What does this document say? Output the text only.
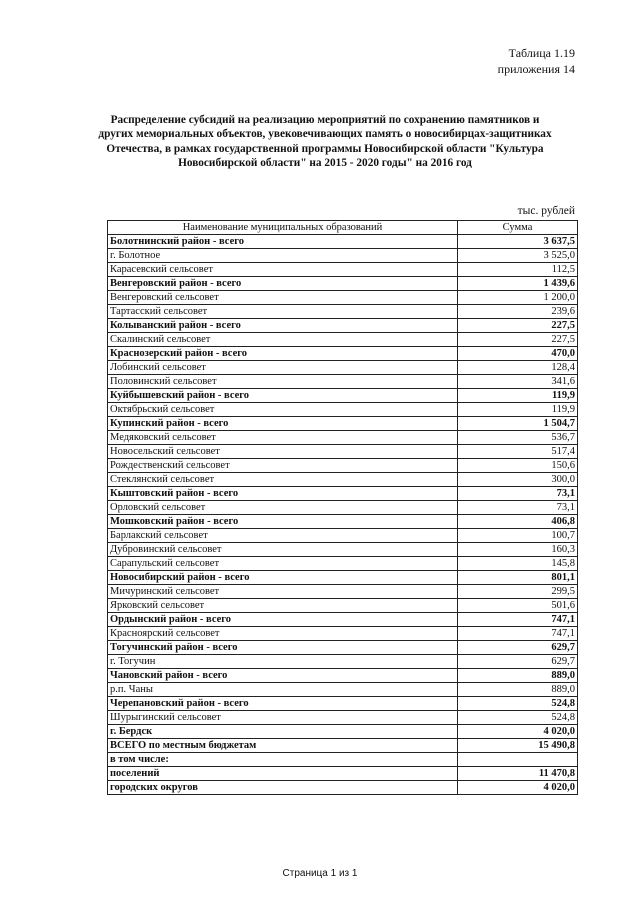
Таблица 1.19
приложения 14
Распределение субсидий на реализацию мероприятий по сохранению памятников и других мемориальных объектов, увековечивающих память о новосибирцах-защитниках Отечества, в рамках государственной программы Новосибирской области "Культура Новосибирской области" на 2015 - 2020 годы" на 2016 год
тыс. рублей
Наименование муниципальных образований	Сумма
Болотнинский район - всего	3 637,5
г. Болотное	3 525,0
Карасевский сельсовет	112,5
Венгеровский район - всего	1 439,6
Венгеровский сельсовет	1 200,0
Тартасский сельсовет	239,6
Колыванский район - всего	227,5
Скалинский сельсовет	227,5
Краснозерский район - всего	470,0
Лобинский сельсовет	128,4
Половинский сельсовет	341,6
Куйбышевский район - всего	119,9
Октябрьский сельсовет	119,9
Купинский район - всего	1 504,7
Медяковский сельсовет	536,7
Новосельский сельсовет	517,4
Рождественский сельсовет	150,6
Стеклянский сельсовет	300,0
Кыштовский район - всего	73,1
Орловский сельсовет	73,1
Мошковский район - всего	406,8
Барлакский сельсовет	100,7
Дубровинский сельсовет	160,3
Сарапульский сельсовет	145,8
Новосибирский район - всего	801,1
Мичуринский сельсовет	299,5
Ярковский сельсовет	501,6
Ордынский район - всего	747,1
Красноярский сельсовет	747,1
Тогучинский район - всего	629,7
г. Тогучин	629,7
Чановский район - всего	889,0
р.п. Чаны	889,0
Черепановский район - всего	524,8
Шурыгинский сельсовет	524,8
г. Бердск	4 020,0
ВСЕГО по местным бюджетам	15 490,8
в том числе:	
поселений	11 470,8
городских округов	4 020,0
Страница 1 из 1
